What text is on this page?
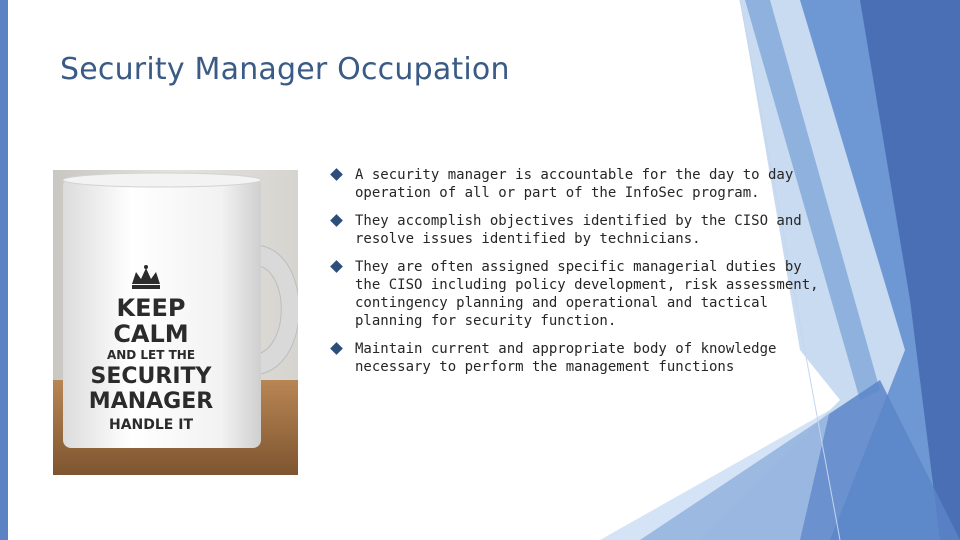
Security Manager Occupation
KEEP
CALM
AND LET THE
SECURITY
MANAGER
HANDLE IT
A security manager is accountable for the day to day operation of all or part of the InfoSec program.
They accomplish objectives identified by the CISO and resolve issues identified by technicians.
They are often assigned specific managerial duties by the CISO including policy development, risk assessment, contingency planning and operational and tactical planning for security function.
Maintain current and appropriate body of knowledge necessary to perform the management functions
